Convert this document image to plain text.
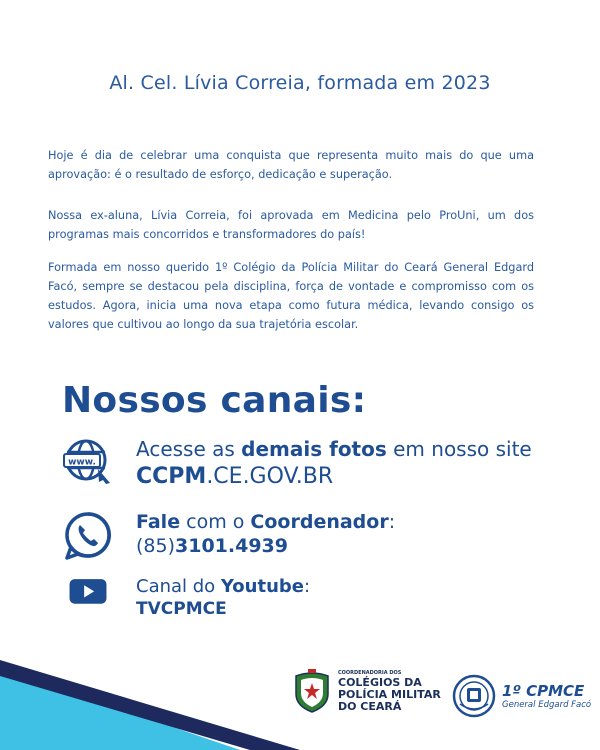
Al. Cel. Lívia Correia, formada em 2023

Hoje é dia de celebrar uma conquista que representa muito mais do que uma aprovação: é o resultado de esforço, dedicação e superação.

Nossa ex-aluna, Lívia Correia, foi aprovada em Medicina pelo ProUni, um dos programas mais concorridos e transformadores do país!

Formada em nosso querido 1º Colégio da Polícia Militar do Ceará General Edgard Facó, sempre se destacou pela disciplina, força de vontade e compromisso com os estudos. Agora, inicia uma nova etapa como futura médica, levando consigo os valores que cultivou ao longo da sua trajetória escolar.

Nossos canais:
www.
Acesse as demais fotos em nosso site
CCPM.CE.GOV.BR
Fale com o Coordenador:
(85)3101.4939
Canal do Youtube:
TVCPMCE
COORDENADORIA DOS
COLÉGIOS DA
POLÍCIA MILITAR
DO CEARÁ
1º CPMCE
General Edgard Facó
